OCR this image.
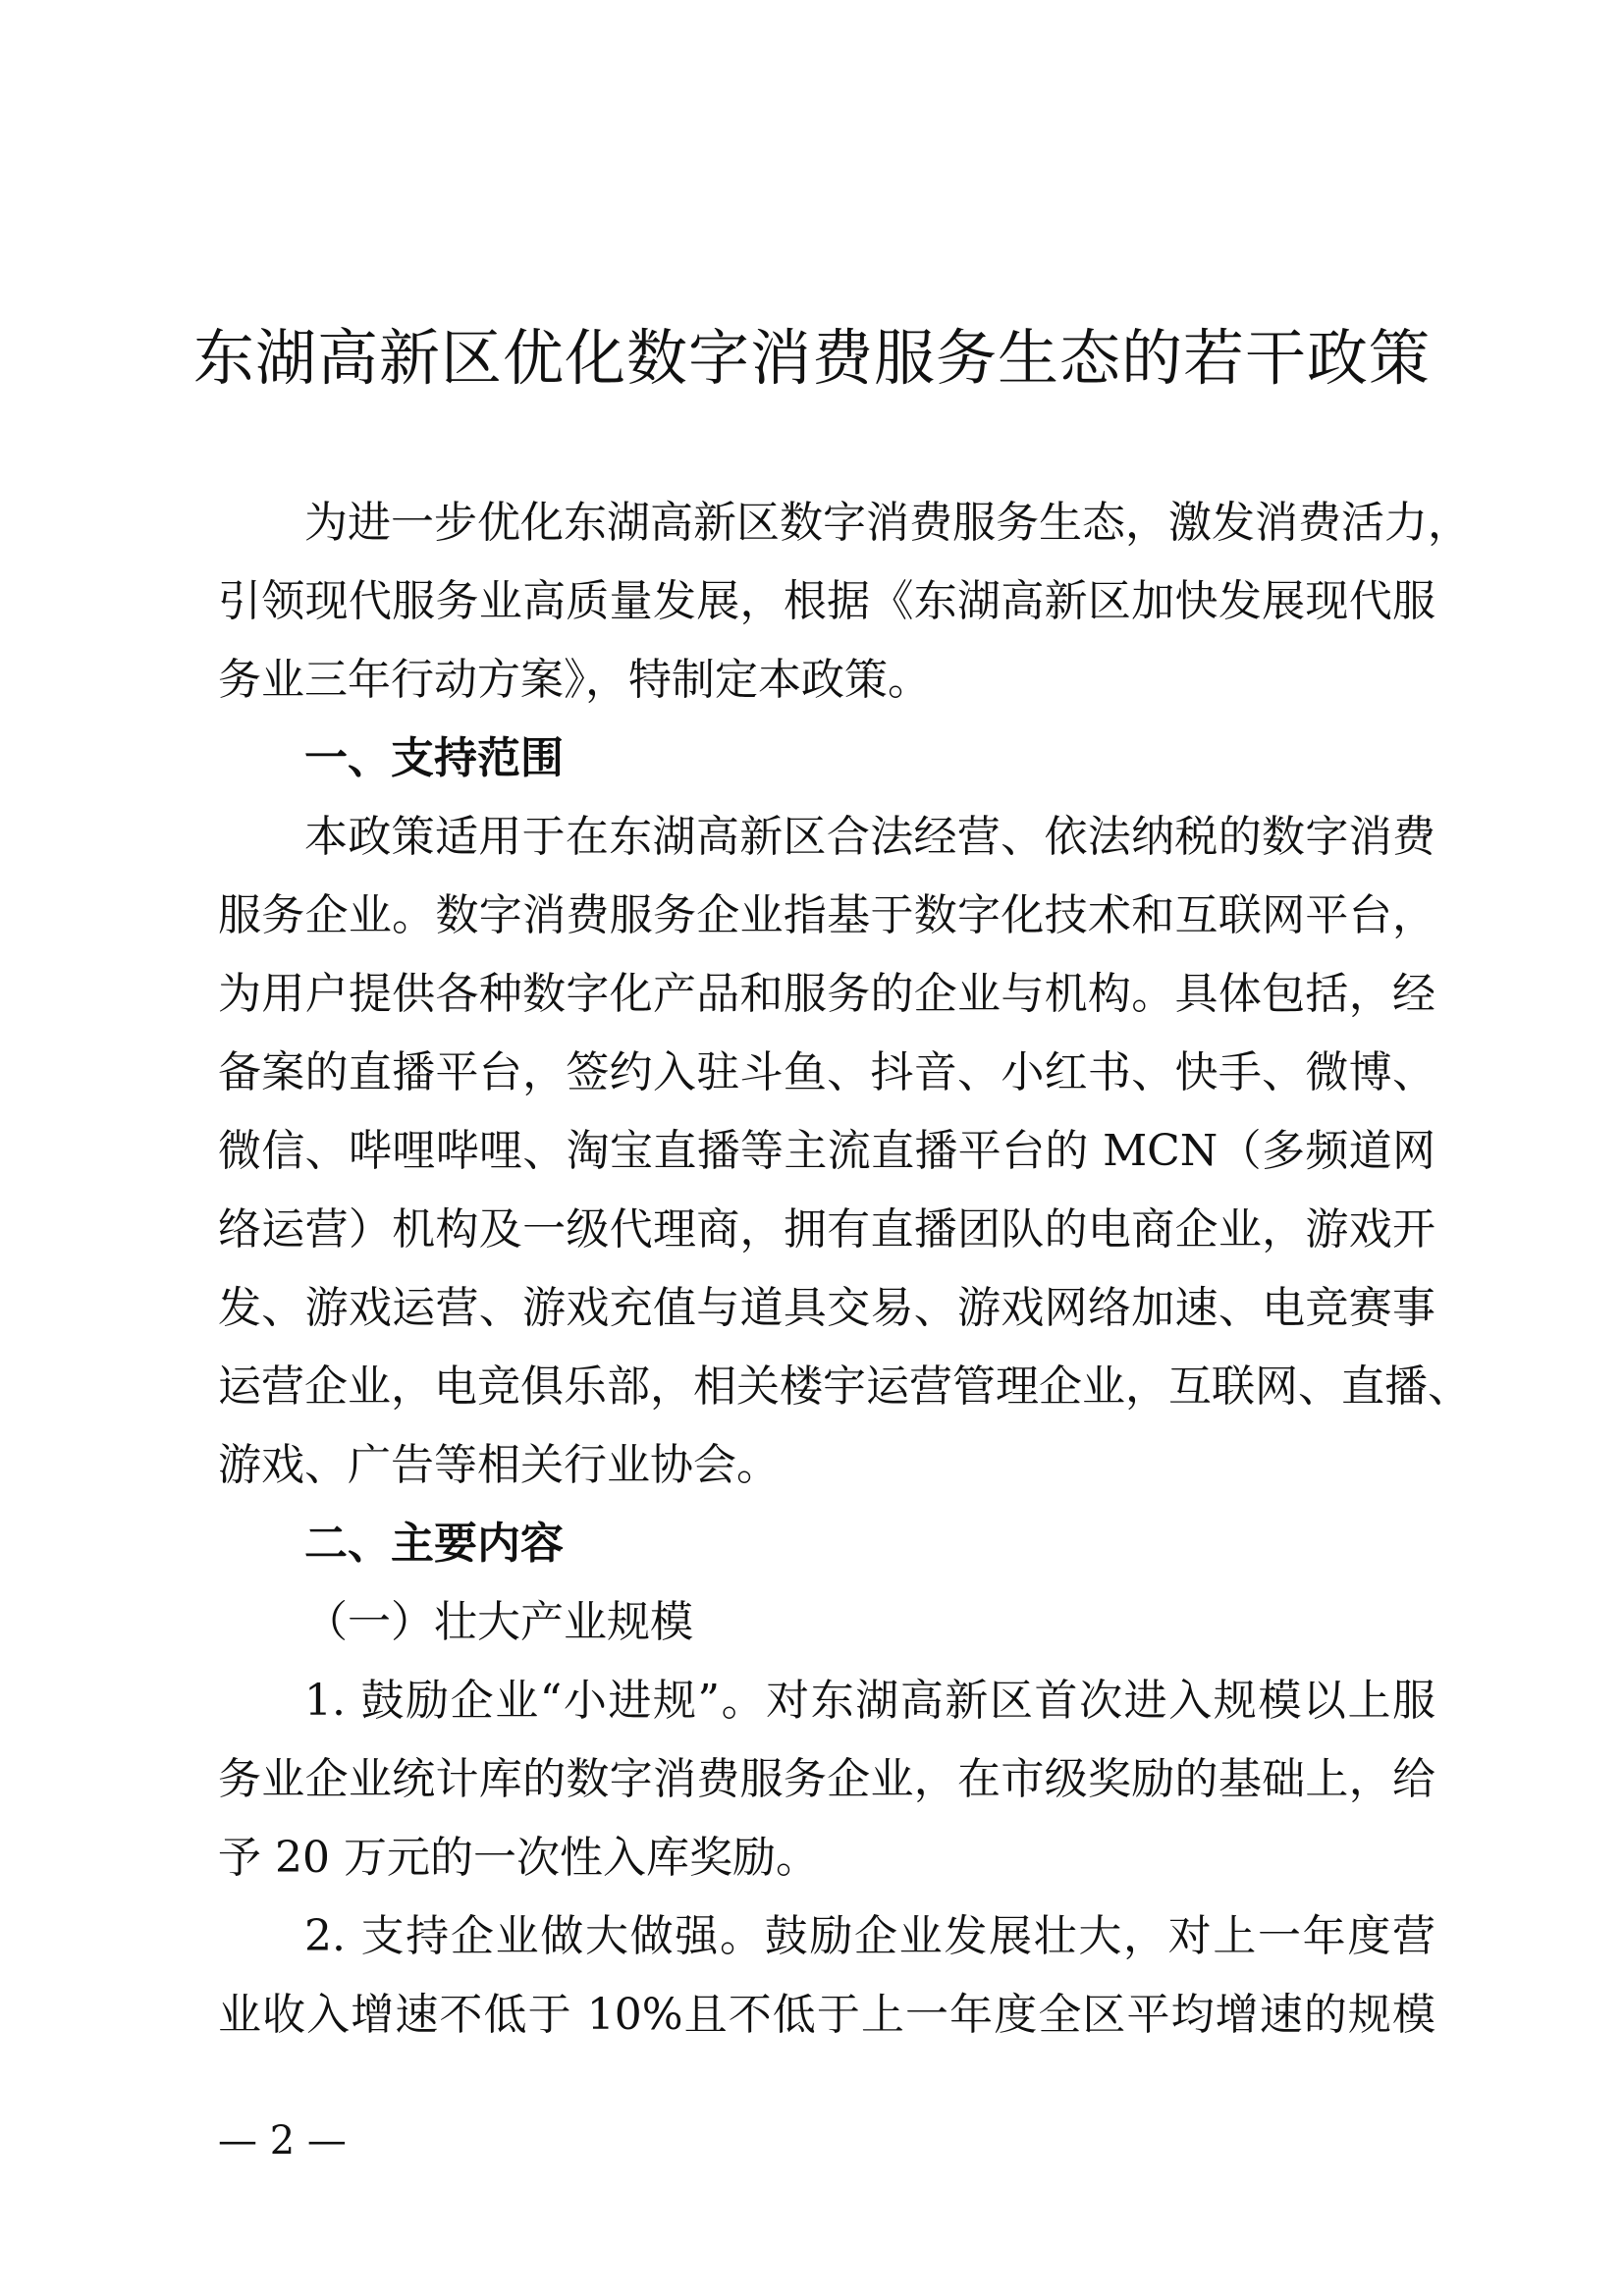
东湖高新区优化数字消费服务生态的若干政策
为进一步优化东湖高新区数字消费服务生态，激发消费活力，
引领现代服务业高质量发展，根据《东湖高新区加快发展现代服
务业三年行动方案》，特制定本政策。
一、支持范围
本政策适用于在东湖高新区合法经营、依法纳税的数字消费
服务企业。数字消费服务企业指基于数字化技术和互联网平台，
为用户提供各种数字化产品和服务的企业与机构。具体包括，经
备案的直播平台，签约入驻斗鱼、抖音、小红书、快手、微博、
微信、哔哩哔哩、淘宝直播等主流直播平台的 MCN（多频道网
络运营）机构及一级代理商，拥有直播团队的电商企业，游戏开
发、游戏运营、游戏充值与道具交易、游戏网络加速、电竞赛事
运营企业，电竞俱乐部，相关楼宇运营管理企业，互联网、直播、
游戏、广告等相关行业协会。
二、主要内容
（一）壮大产业规模
1. 鼓励企业“小进规”。对东湖高新区首次进入规模以上服
务业企业统计库的数字消费服务企业，在市级奖励的基础上，给
予 20 万元的一次性入库奖励。
2. 支持企业做大做强。鼓励企业发展壮大，对上一年度营
业收入增速不低于 10%且不低于上一年度全区平均增速的规模
— 2 —
